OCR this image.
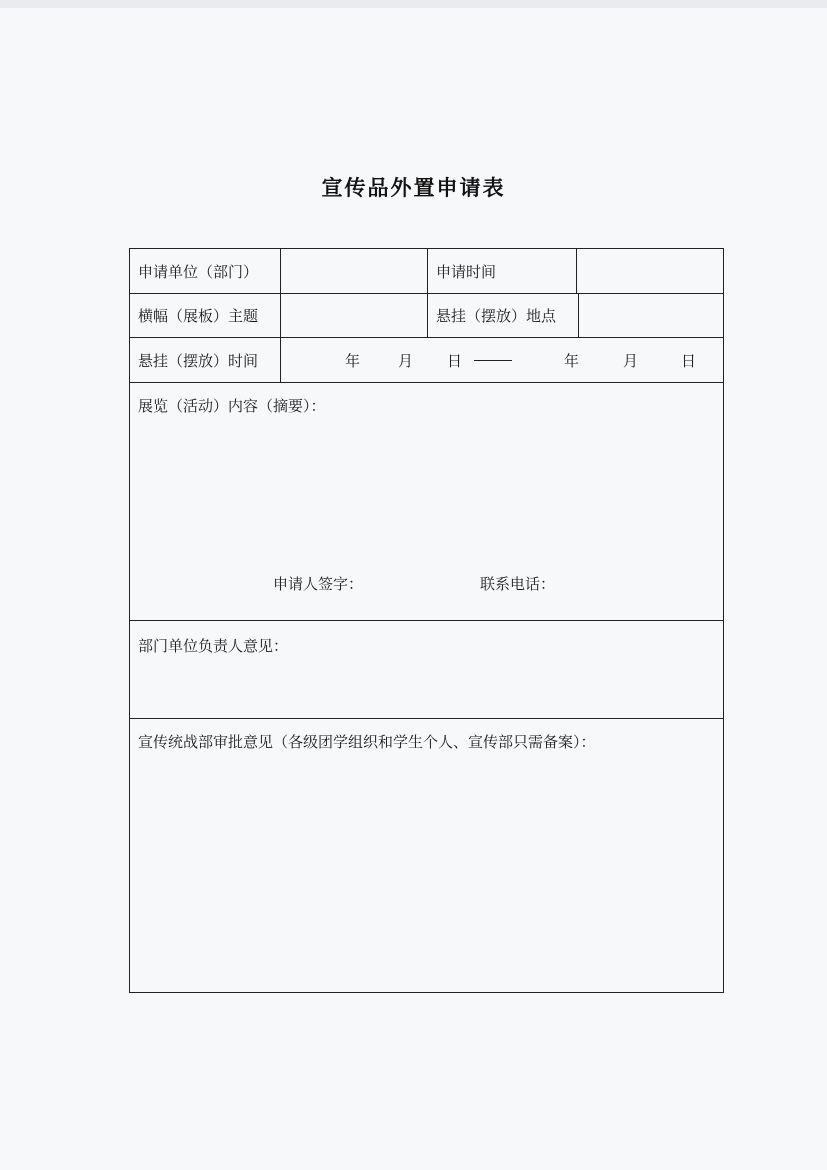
宣传品外置申请表
申请单位（部门）	申请时间
横幅（展板）主题	悬挂（摆放）地点
悬挂（摆放）时间	年	月 日	年	月	日
展览（活动）内容（摘要）：
申请人签字：	联系电话：
部门单位负责人意见：
宣传统战部审批意见（各级团学组织和学生个人、宣传部只需备案）：
